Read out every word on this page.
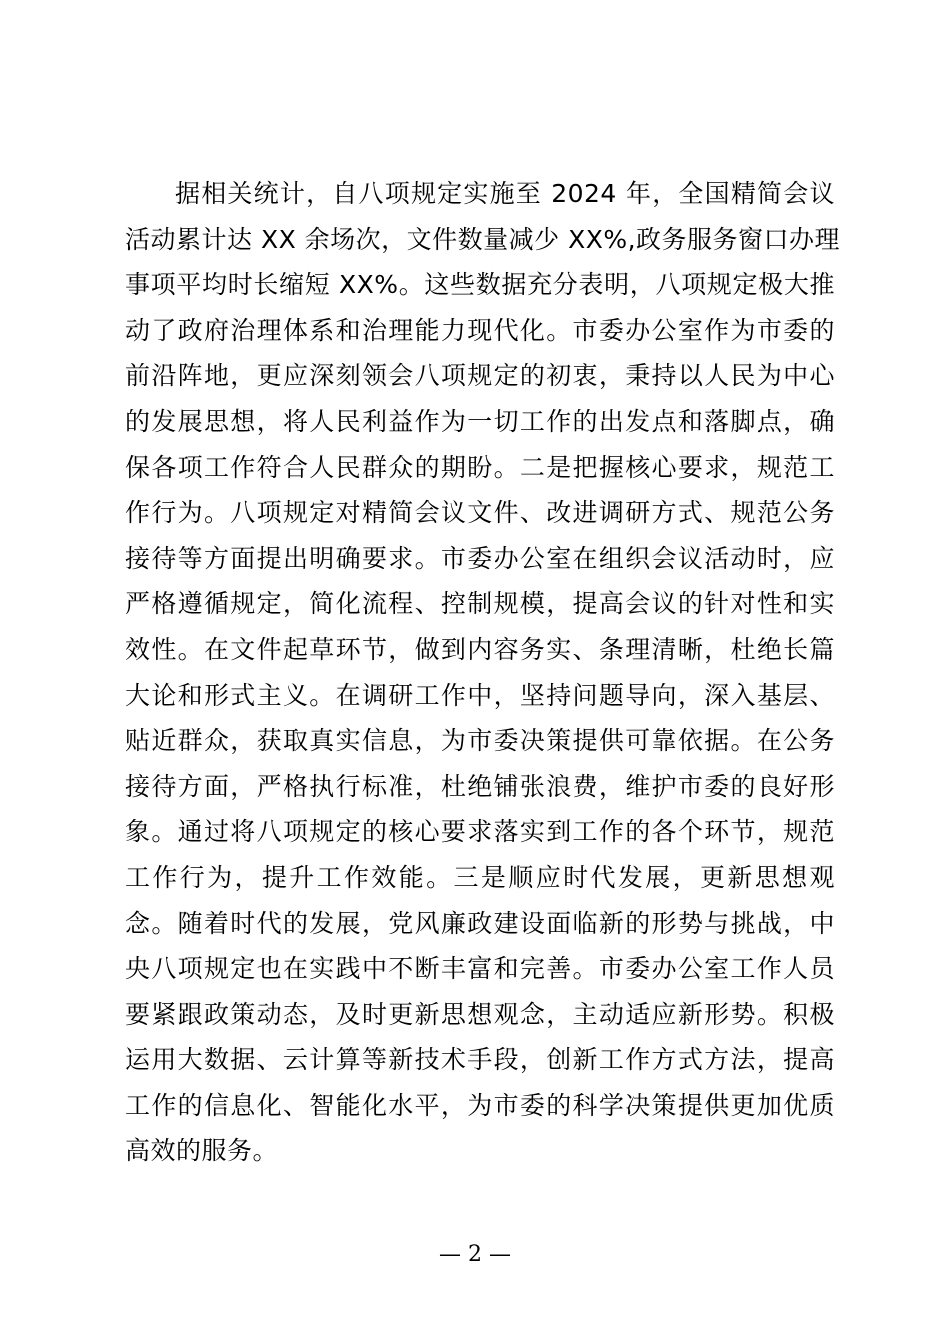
据相关统计，自八项规定实施至 2024 年，全国精简会议
活动累计达 XX 余场次，文件数量减少 XX%,政务服务窗口办理
事项平均时长缩短 XX%。这些数据充分表明，八项规定极大推
动了政府治理体系和治理能力现代化。市委办公室作为市委的
前沿阵地，更应深刻领会八项规定的初衷，秉持以人民为中心
的发展思想，将人民利益作为一切工作的出发点和落脚点，确
保各项工作符合人民群众的期盼。二是把握核心要求，规范工
作行为。八项规定对精简会议文件、改进调研方式、规范公务
接待等方面提出明确要求。市委办公室在组织会议活动时，应
严格遵循规定，简化流程、控制规模，提高会议的针对性和实
效性。在文件起草环节，做到内容务实、条理清晰，杜绝长篇
大论和形式主义。在调研工作中，坚持问题导向，深入基层、
贴近群众，获取真实信息，为市委决策提供可靠依据。在公务
接待方面，严格执行标准，杜绝铺张浪费，维护市委的良好形
象。通过将八项规定的核心要求落实到工作的各个环节，规范
工作行为，提升工作效能。三是顺应时代发展，更新思想观
念。随着时代的发展，党风廉政建设面临新的形势与挑战，中
央八项规定也在实践中不断丰富和完善。市委办公室工作人员
要紧跟政策动态，及时更新思想观念，主动适应新形势。积极
运用大数据、云计算等新技术手段，创新工作方式方法，提高
工作的信息化、智能化水平，为市委的科学决策提供更加优质
高效的服务。
— 2 —
